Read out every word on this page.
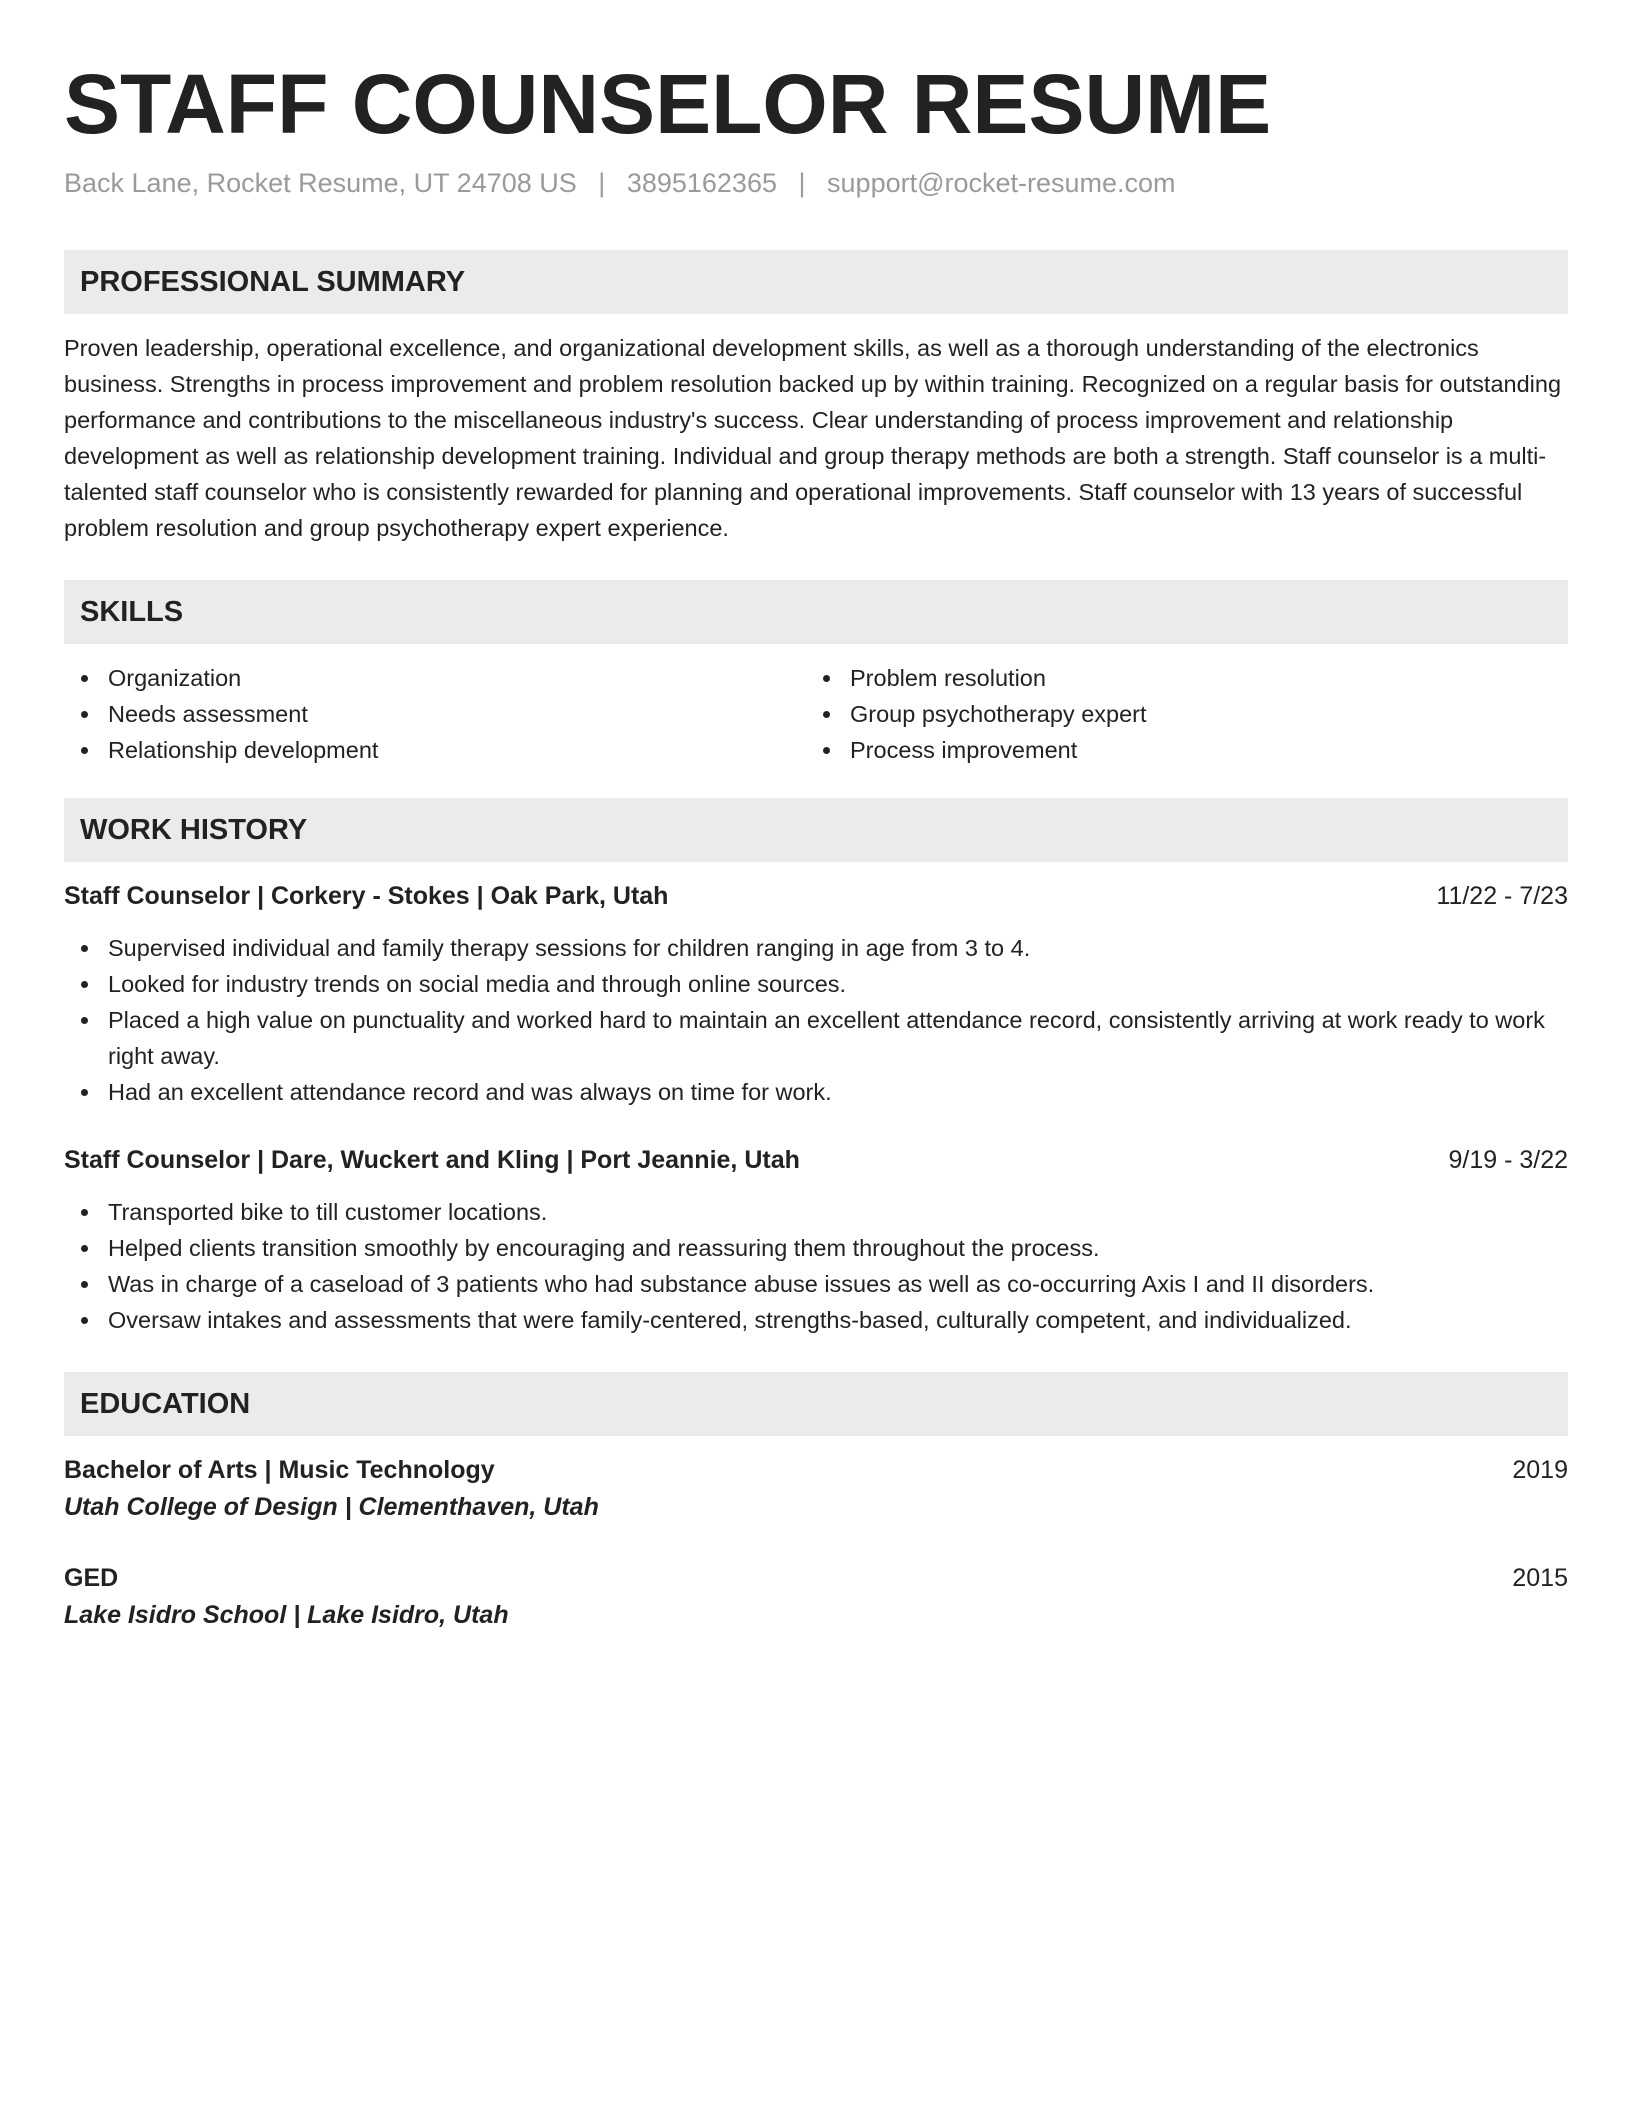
STAFF COUNSELOR RESUME
Back Lane, Rocket Resume, UT 24708 US | 3895162365 | support@rocket-resume.com
PROFESSIONAL SUMMARY

Proven leadership, operational excellence, and organizational development skills, as well as a thorough understanding of the electronics business. Strengths in process improvement and problem resolution backed up by within training. Recognized on a regular basis for outstanding performance and contributions to the miscellaneous industry's success. Clear understanding of process improvement and relationship development as well as relationship development training. Individual and group therapy methods are both a strength. Staff counselor is a multi-talented staff counselor who is consistently rewarded for planning and operational improvements. Staff counselor with 13 years of successful problem resolution and group psychotherapy expert experience.

SKILLS
Organization
Needs assessment
Relationship development
Problem resolution
Group psychotherapy expert
Process improvement
WORK HISTORY
Staff Counselor | Corkery - Stokes | Oak Park, Utah	11/22 - 7/23
Supervised individual and family therapy sessions for children ranging in age from 3 to 4.
Looked for industry trends on social media and through online sources.
Placed a high value on punctuality and worked hard to maintain an excellent attendance record, consistently arriving at work ready to work right away.
Had an excellent attendance record and was always on time for work.
Staff Counselor | Dare, Wuckert and Kling | Port Jeannie, Utah	9/19 - 3/22
Transported bike to till customer locations.
Helped clients transition smoothly by encouraging and reassuring them throughout the process.
Was in charge of a caseload of 3 patients who had substance abuse issues as well as co-occurring Axis I and II disorders.
Oversaw intakes and assessments that were family-centered, strengths-based, culturally competent, and individualized.
EDUCATION
Bachelor of Arts | Music Technology	2019
Utah College of Design | Clementhaven, Utah
GED	2015
Lake Isidro School | Lake Isidro, Utah
